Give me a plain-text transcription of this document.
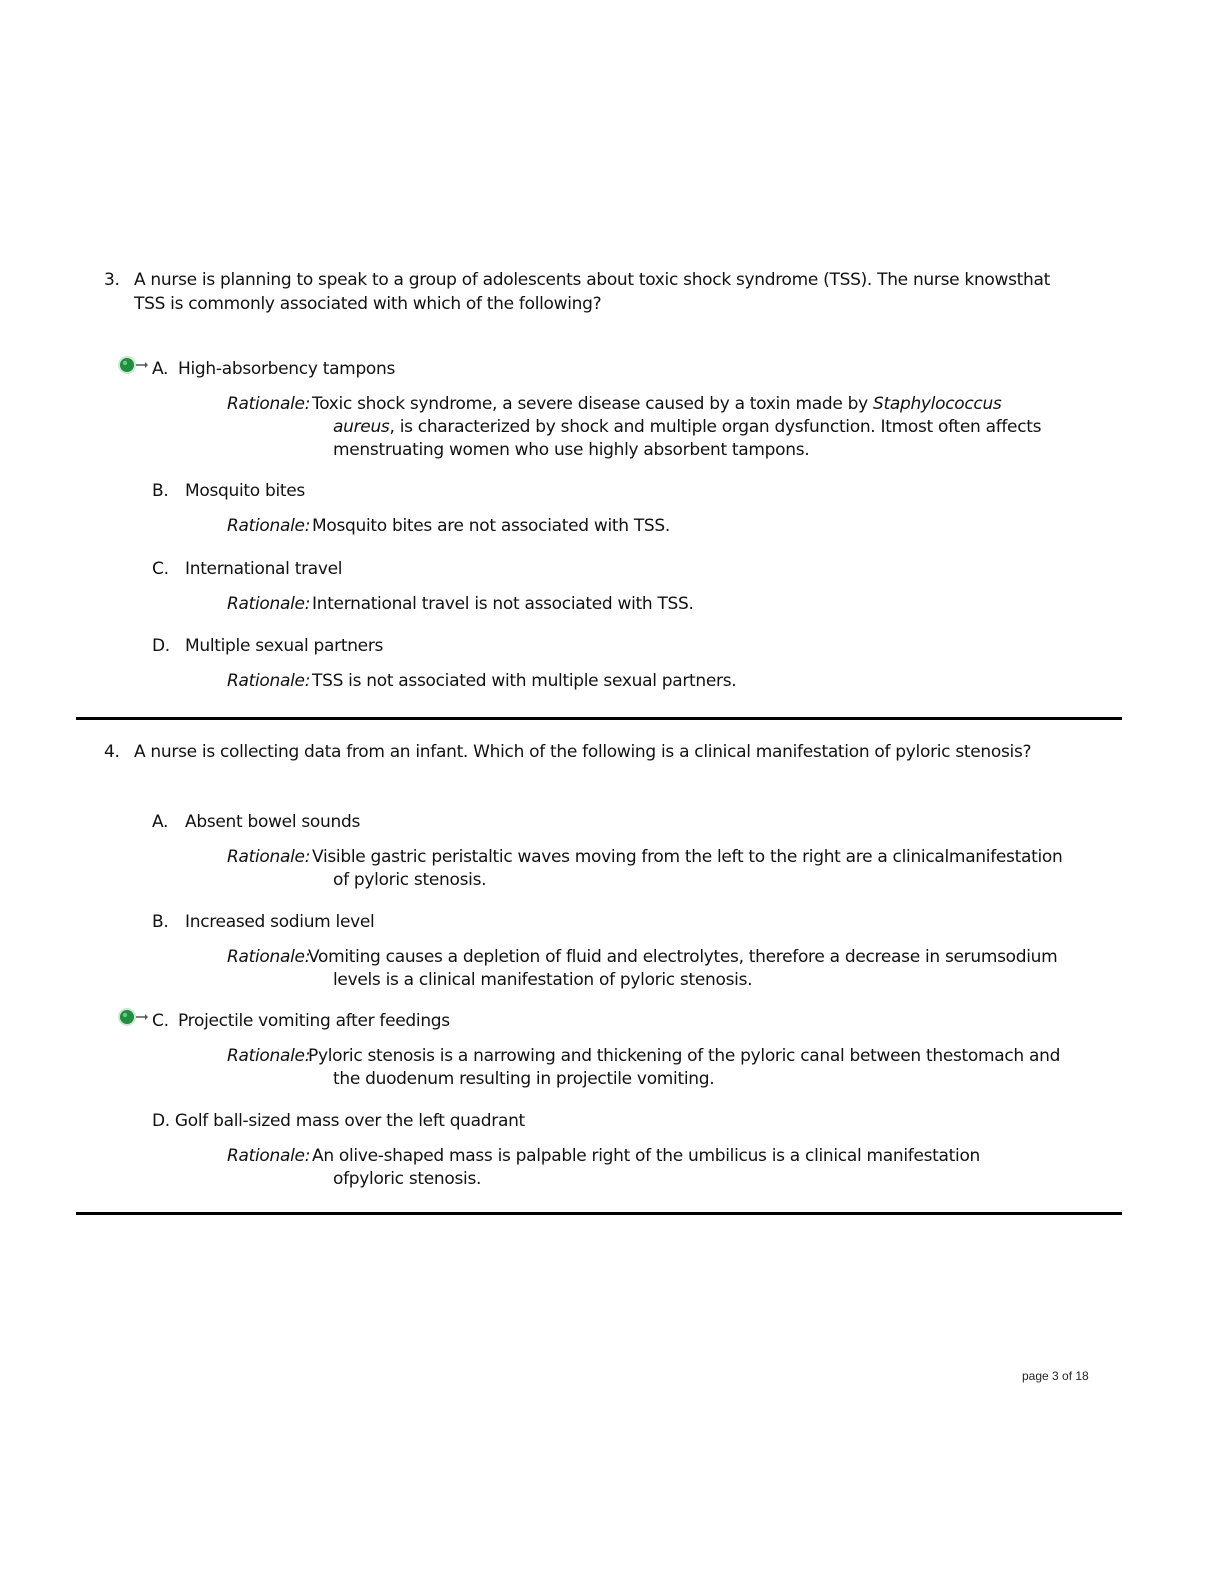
3. A nurse is planning to speak to a group of adolescents about toxic shock syndrome (TSS). The nurse knowsthat TSS is commonly associated with which of the following?
A. High-absorbency tampons
Rationale: Toxic shock syndrome, a severe disease caused by a toxin made by Staphylococcus aureus, is characterized by shock and multiple organ dysfunction. Itmost often affects menstruating women who use highly absorbent tampons.
B. Mosquito bites
Rationale: Mosquito bites are not associated with TSS.
C. International travel
Rationale: International travel is not associated with TSS.
D. Multiple sexual partners
Rationale: TSS is not associated with multiple sexual partners.
4. A nurse is collecting data from an infant. Which of the following is a clinical manifestation of pyloric stenosis?
A. Absent bowel sounds
Rationale: Visible gastric peristaltic waves moving from the left to the right are a clinicalmanifestation of pyloric stenosis.
B. Increased sodium level
Rationale:
Vomiting causes a depletion of fluid and electrolytes, therefore a decrease in serumsodium levels is a clinical manifestation of pyloric stenosis.
C. Projectile vomiting after feedings
Rationale:
Pyloric stenosis is a narrowing and thickening of the pyloric canal between thestomach and the duodenum resulting in projectile vomiting.
D. Golf ball-sized mass over the left quadrant
Rationale: An olive-shaped mass is palpable right of the umbilicus is a clinical manifestation ofpyloric stenosis.
page 3 of 18
